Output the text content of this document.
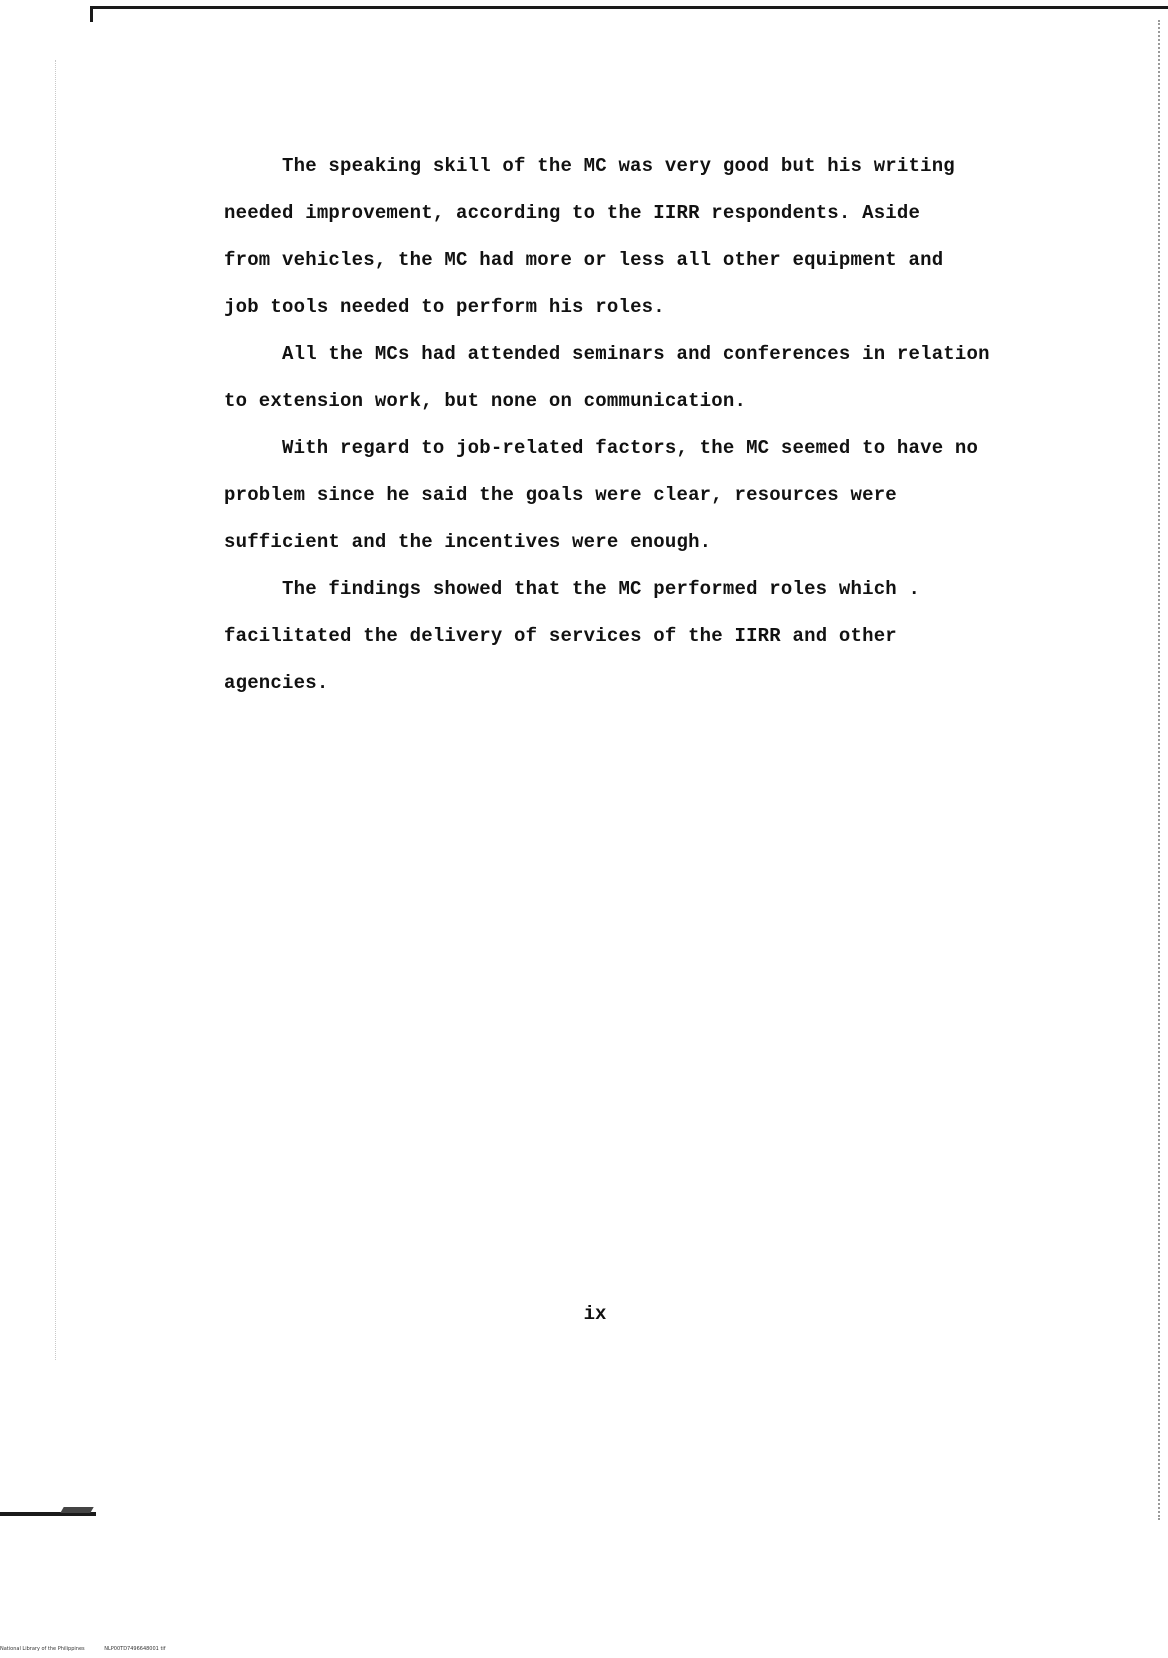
The speaking skill of the MC was very good but his writing
needed improvement, according to the IIRR respondents. Aside
from vehicles, the MC had more or less all other equipment and
job tools needed to perform his roles.

All the MCs had attended seminars and conferences in relation
to extension work, but none on communication.

With regard to job-related factors, the MC seemed to have no
problem since he said the goals were clear, resources were
sufficient and the incentives were enough.

The findings showed that the MC performed roles which .
facilitated the delivery of services of the IIRR and other
agencies.

ix
National Library of the Philippines	NLP00TD7496648001 tif
